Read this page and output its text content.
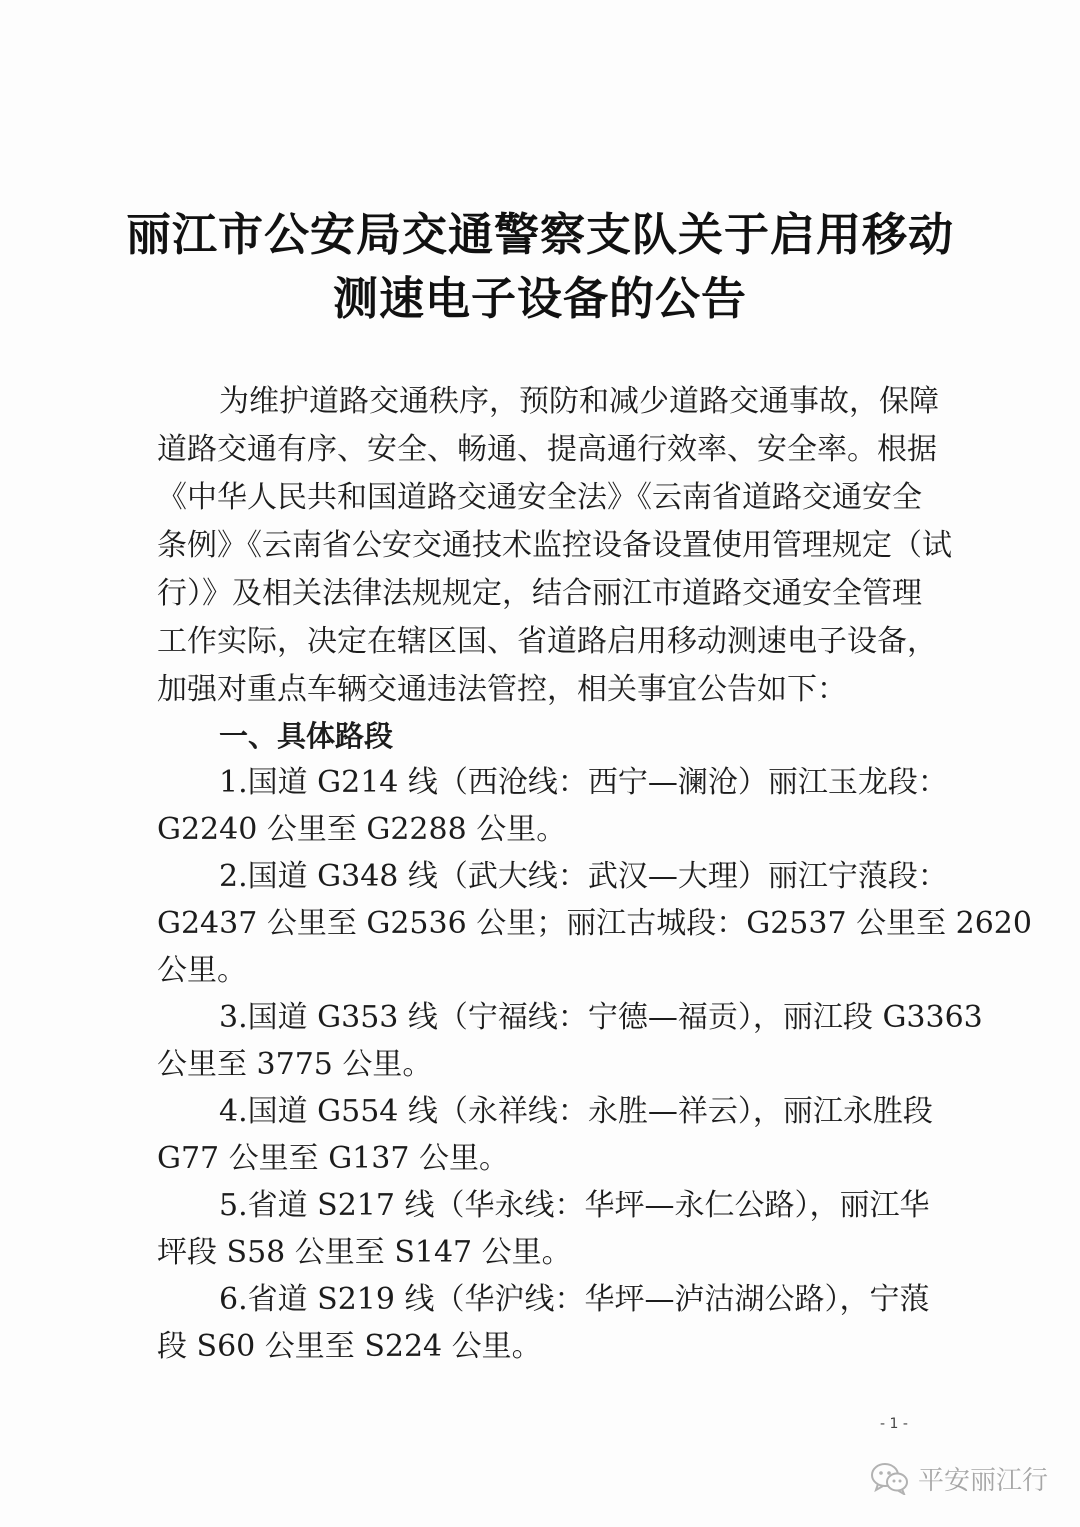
丽江市公安局交通警察支队关于启用移动
测速电子设备的公告
为维护道路交通秩序，预防和减少道路交通事故，保障
道路交通有序、安全、畅通、提高通行效率、安全率。根据
《中华人民共和国道路交通安全法》《云南省道路交通安全
条例》《云南省公安交通技术监控设备设置使用管理规定（试
行）》及相关法律法规规定，结合丽江市道路交通安全管理
工作实际，决定在辖区国、省道路启用移动测速电子设备，
加强对重点车辆交通违法管控，相关事宜公告如下：
一、具体路段
1.国道 G214 线（西沧线：西宁—澜沧）丽江玉龙段：
G2240 公里至 G2288 公里。
2.国道 G348 线（武大线：武汉—大理）丽江宁蒗段：
G2437 公里至 G2536 公里；丽江古城段：G2537 公里至 2620
公里。
3.国道 G353 线（宁福线：宁德—福贡），丽江段 G3363
公里至 3775 公里。
4.国道 G554 线（永祥线：永胜—祥云），丽江永胜段
G77 公里至 G137 公里。
5.省道 S217 线（华永线：华坪—永仁公路），丽江华
坪段 S58 公里至 S147 公里。
6.省道 S219 线（华沪线：华坪—泸沽湖公路），宁蒗
段 S60 公里至 S224 公里。
- 1 -
平安丽江行
